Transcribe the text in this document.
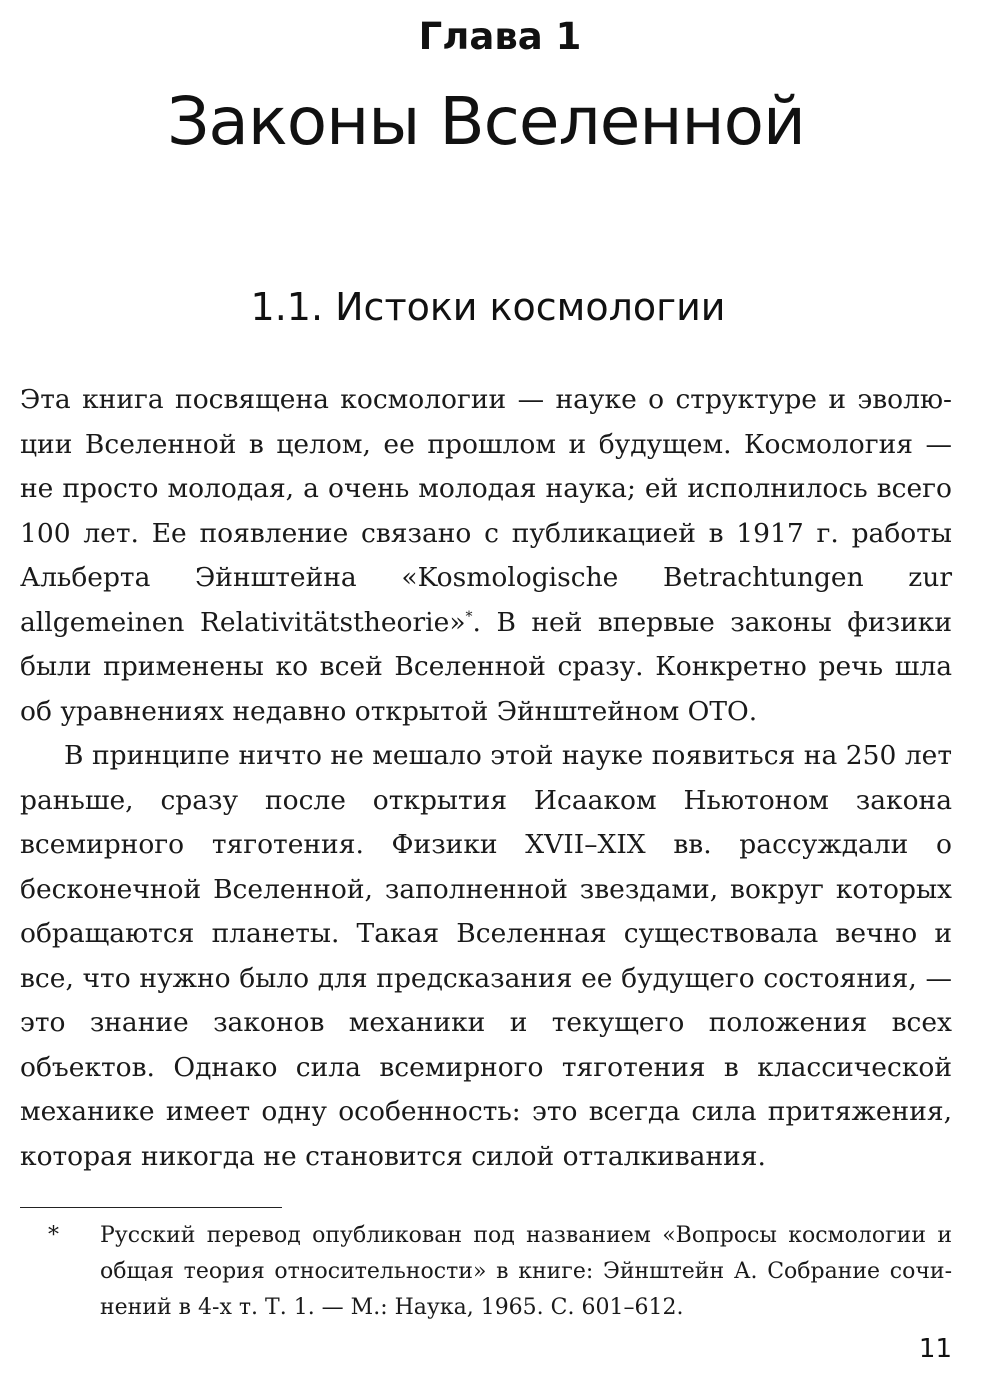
Глава 1
Законы Вселенной
1.1. Истоки космологии

Эта книга посвящена космологии — науке о структуре и эволюции Вселенной в целом, ее прошлом и будущем. Космология — не просто молодая, а очень молодая наука; ей исполнилось всего 100 лет. Ее появление связано с публикацией в 1917 г. работы Альберта Эйнштейна «Kosmologische Betrachtungen zur allgemeinen Relativitätstheorie»*. В ней впервые законы физики были применены ко всей Вселенной сразу. Конкретно речь шла об уравнениях недавно открытой Эйнштейном ОТО.

В принципе ничто не мешало этой науке появиться на 250 лет раньше, сразу после открытия Исааком Ньютоном закона всемирного тяготения. Физики XVII–XIX вв. рассуждали о бесконечной Вселенной, заполненной звездами, вокруг которых обращаются планеты. Такая Вселенная существовала вечно и все, что нужно было для предсказания ее будущего состояния, — это знание законов механики и текущего положения всех объектов. Однако сила всемирного тяготения в классической механике имеет одну особенность: это всегда сила притяжения, которая никогда не становится силой отталкивания.

* Русский перевод опубликован под названием «Вопросы космологии и общая теория относительности» в книге: Эйнштейн А. Собрание сочинений в 4-х т. Т. 1. — М.: Наука, 1965. С. 601–612.
11
